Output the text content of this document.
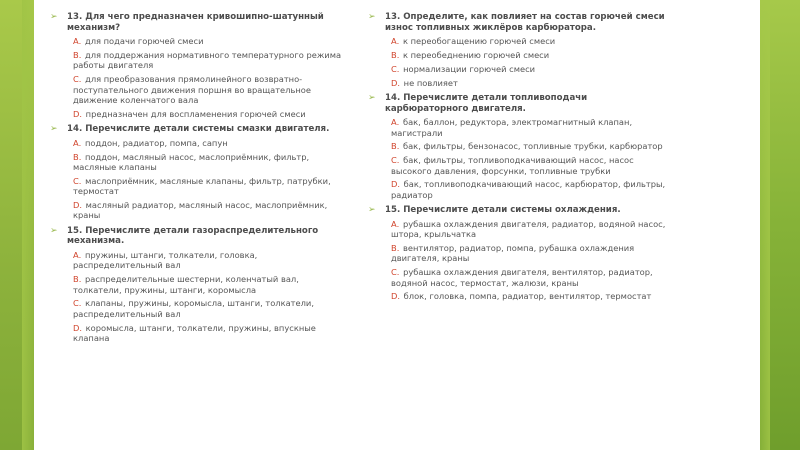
➢ 13. Для чего предназначен кривошипно-шатунный механизм?
А. для подачи горючей смеси
В. для поддержания нормативного температурного режима работы двигателя
С. для преобразования прямолинейного возвратно-поступательного движения поршня во вращательное движение коленчатого вала
D. предназначен для воспламенения горючей смеси
➢ 14. Перечислите детали системы смазки двигателя.
А. поддон, радиатор, помпа, сапун
В. поддон, масляный насос, маслоприёмник, фильтр, масляные клапаны
С. маслоприёмник, масляные клапаны, фильтр, патрубки, термостат
D. масляный радиатор, масляный насос, маслоприёмник, краны
➢ 15. Перечислите детали газораспределительного механизма.
А. пружины, штанги, толкатели, головка, распределительный вал
В. распределительные шестерни, коленчатый вал, толкатели, пружины, штанги, коромысла
С. клапаны, пружины, коромысла, штанги, толкатели, распределительный вал
D. коромысла, штанги, толкатели, пружины, впускные клапана
➢ 13. Определите, как повлияет на состав горючей смеси износ топливных жиклёров карбюратора.
А. к переобогащению горючей смеси
В. к переобеднению горючей смеси
С. нормализации горючей смеси
D. не повлияет
➢ 14. Перечислите детали топливоподачи карбюраторного двигателя.
А. бак, баллон, редуктора, электромагнитный клапан, магистрали
В. бак, фильтры, бензонасос, топливные трубки, карбюратор
С. бак, фильтры, топливоподкачивающий насос, насос высокого давления, форсунки, топливные трубки
D. бак, топливоподкачивающий насос, карбюратор, фильтры, радиатор
➢ 15. Перечислите детали системы охлаждения.
А. рубашка охлаждения двигателя, радиатор, водяной насос, штора, крыльчатка
В. вентилятор, радиатор, помпа, рубашка охлаждения двигателя, краны
С. рубашка охлаждения двигателя, вентилятор, радиатор, водяной насос, термостат, жалюзи, краны
D. блок, головка, помпа, радиатор, вентилятор, термостат
